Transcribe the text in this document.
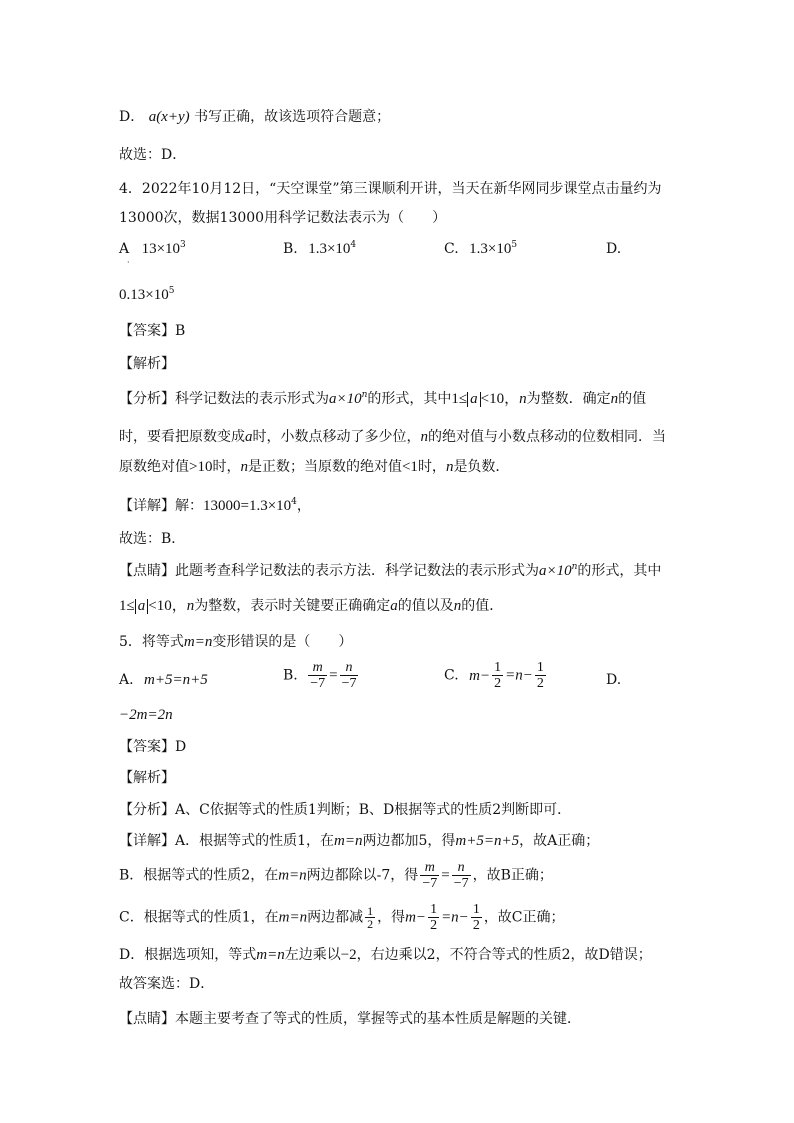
D． a(x+y) 书写正确，故该选项符合题意；
故选：D．
4．2022年10月12日，“天空课堂”第三课顺利开讲，当天在新华网同步课堂点击量约为
13000次，数据13000用科学记数法表示为（　　）
A $13\times 10^3$
·
B. $1.3\times 10^4$	C. $1.3\times 10^5$	D.
$0.13\times 10^5$
【答案】B
【解析】
【分析】科学记数法的表示形式为$a\times 10^n$的形式，其中1≤ a <10，n为整数．确定n的值
时，要看把原数变成a时，小数点移动了多少位，n的绝对值与小数点移动的位数相同．当
原数绝对值>10时，n是正数；当原数的绝对值<1时，n是负数．
【详解】解：$13000=1.3\times 10^4$，
故选：B．
【点睛】此题考查科学记数法的表示方法．科学记数法的表示形式为$a\times 10^n$的形式，其中
1≤ a <10，n为整数，表示时关键要正确确定a的值以及n的值．
5．将等式m=n变形错误的是（　　）
A. m+5=n+5	B. $\frac{m}{-7} = \frac{n}{-7}$	C. $m- \frac{1}{2} =n- \frac{1}{2}$	D.
−2m=2n
【答案】D
【解析】
【分析】A、C依据等式的性质1判断；B、D根据等式的性质2判断即可．
【详解】A．根据等式的性质1，在m=n两边都加5，得m+5=n+5，故A正确；
B．根据等式的性质2，在m=n两边都除以-7，得 $\frac{m}{-7} = \frac{n}{-7}$ ，故B正确；
C．根据等式的性质1，在m=n两边都减 $\frac{1}{2}$ ，得$m- \frac{1}{2} =n- \frac{1}{2}$ ，故C正确；
D．根据选项知，等式m=n左边乘以−2，右边乘以2，不符合等式的性质2，故D错误；
故答案选：D．
【点睛】本题主要考查了等式的性质，掌握等式的基本性质是解题的关键．
